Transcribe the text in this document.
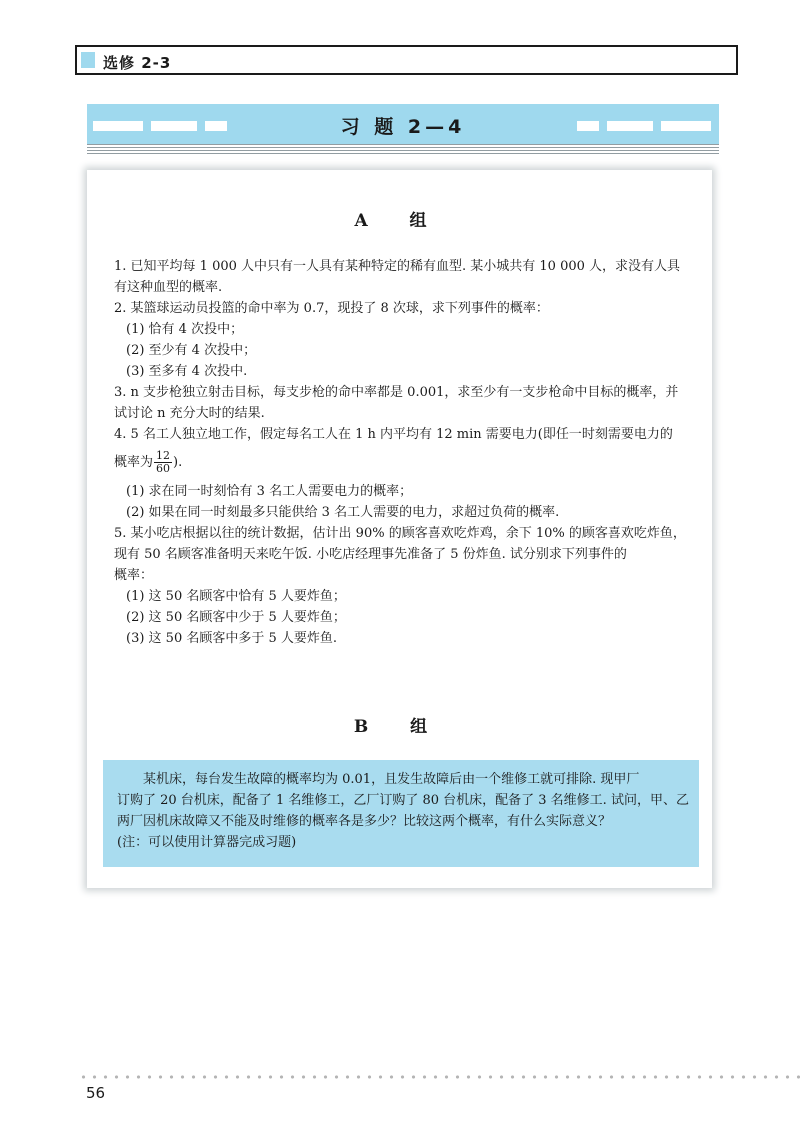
选修 2-3
习 题 2—4
A 组
B 组
1. 已知平均每 1 000 人中只有一人具有某种特定的稀有血型. 某小城共有 10 000 人，求没有人具
有这种血型的概率.
2. 某篮球运动员投篮的命中率为 0.7，现投了 8 次球，求下列事件的概率：
(1) 恰有 4 次投中；
(2) 至少有 4 次投中；
(3) 至多有 4 次投中.
3. n 支步枪独立射击目标，每支步枪的命中率都是 0.001，求至少有一支步枪命中目标的概率，并
试讨论 n 充分大时的结果.
4. 5 名工人独立地工作，假定每名工人在 1 h 内平均有 12 min 需要电力(即任一时刻需要电力的
概率为 $\frac{12}{60}$ ).
(1) 求在同一时刻恰有 3 名工人需要电力的概率；
(2) 如果在同一时刻最多只能供给 3 名工人需要的电力，求超过负荷的概率.
5. 某小吃店根据以往的统计数据，估计出 90% 的顾客喜欢吃炸鸡，余下 10% 的顾客喜欢吃炸鱼，
现有 50 名顾客准备明天来吃午饭. 小吃店经理事先准备了 5 份炸鱼. 试分别求下列事件的
概率：
(1) 这 50 名顾客中恰有 5 人要炸鱼；
(2) 这 50 名顾客中少于 5 人要炸鱼；
(3) 这 50 名顾客中多于 5 人要炸鱼.
某机床，每台发生故障的概率均为 0.01，且发生故障后由一个维修工就可排除. 现甲厂
订购了 20 台机床，配备了 1 名维修工，乙厂订购了 80 台机床，配备了 3 名维修工. 试问，甲、乙
两厂因机床故障又不能及时维修的概率各是多少？比较这两个概率，有什么实际意义？
(注：可以使用计算器完成习题)
56
